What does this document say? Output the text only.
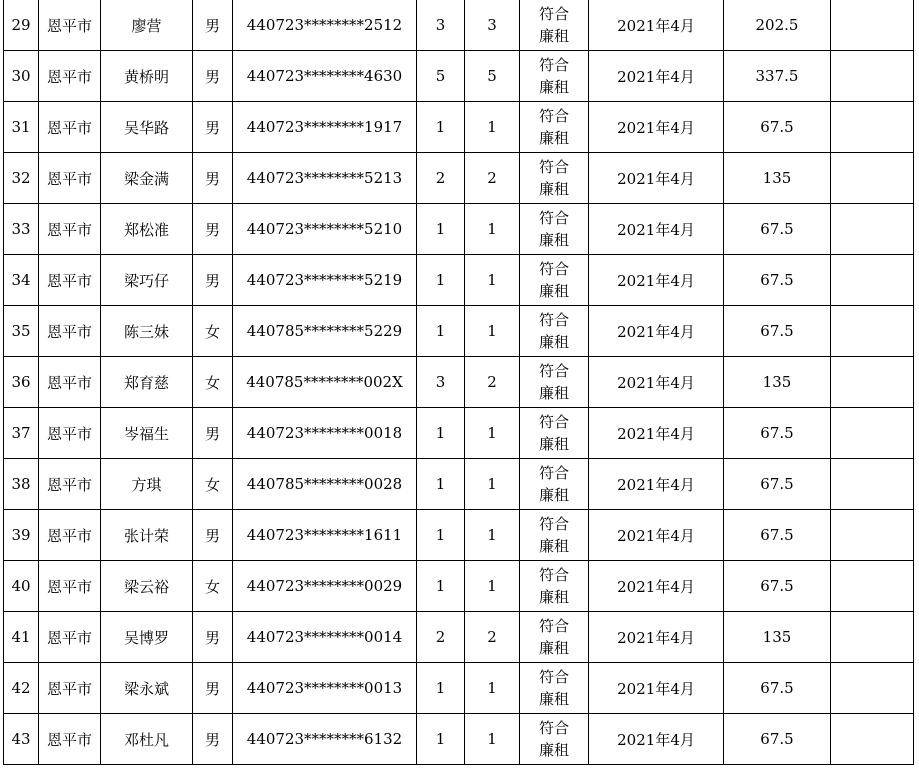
29	恩平市	廖营	男	440723********2512	3	3	符合
廉租	2021年4月	202.5	
30	恩平市	黄桥明	男	440723********4630	5	5	符合
廉租	2021年4月	337.5	
31	恩平市	吴华路	男	440723********1917	1	1	符合
廉租	2021年4月	67.5	
32	恩平市	梁金满	男	440723********5213	2	2	符合
廉租	2021年4月	135	
33	恩平市	郑松准	男	440723********5210	1	1	符合
廉租	2021年4月	67.5	
34	恩平市	梁巧仔	男	440723********5219	1	1	符合
廉租	2021年4月	67.5	
35	恩平市	陈三妹	女	440785********5229	1	1	符合
廉租	2021年4月	67.5	
36	恩平市	郑育慈	女	440785********002X	3	2	符合
廉租	2021年4月	135	
37	恩平市	岑福生	男	440723********0018	1	1	符合
廉租	2021年4月	67.5	
38	恩平市	方琪	女	440785********0028	1	1	符合
廉租	2021年4月	67.5	
39	恩平市	张计荣	男	440723********1611	1	1	符合
廉租	2021年4月	67.5	
40	恩平市	梁云裕	女	440723********0029	1	1	符合
廉租	2021年4月	67.5	
41	恩平市	吴博罗	男	440723********0014	2	2	符合
廉租	2021年4月	135	
42	恩平市	梁永斌	男	440723********0013	1	1	符合
廉租	2021年4月	67.5	
43	恩平市	邓杜凡	男	440723********6132	1	1	符合
廉租	2021年4月	67.5	
